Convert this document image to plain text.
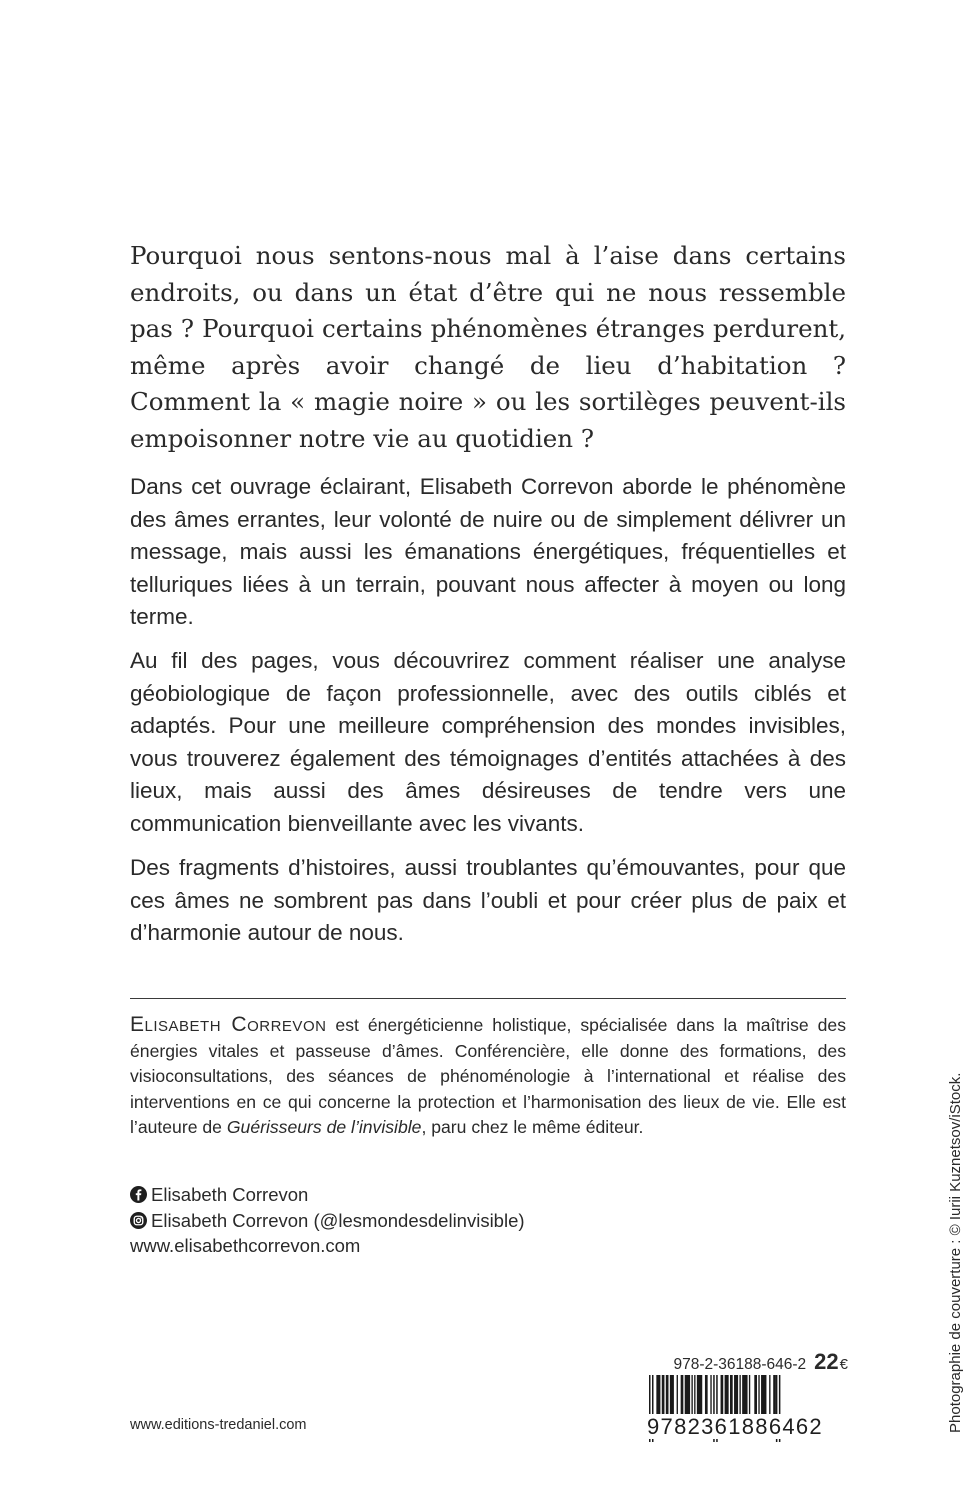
Pourquoi nous sentons-nous mal à l’aise dans certains endroits, ou dans un état d’être qui ne nous ressemble pas ? Pourquoi certains phénomènes étranges perdurent, même après avoir changé de lieu d’habitation ? Comment la « magie noire » ou les sortilèges peuvent-ils empoisonner notre vie au quotidien ?

Dans cet ouvrage éclairant, Elisabeth Correvon aborde le phénomène des âmes errantes, leur volonté de nuire ou de simplement délivrer un message, mais aussi les émanations énergétiques, fréquentielles et telluriques liées à un terrain, pouvant nous affecter à moyen ou long terme.

Au fil des pages, vous découvrirez comment réaliser une analyse géobiologique de façon professionnelle, avec des outils ciblés et adaptés. Pour une meilleure compréhension des mondes invisibles, vous trouverez également des témoignages d’entités attachées à des lieux, mais aussi des âmes désireuses de tendre vers une communication bienveillante avec les vivants.

Des fragments d’histoires, aussi troublantes qu’émouvantes, pour que ces âmes ne sombrent pas dans l’oubli et pour créer plus de paix et d’harmonie autour de nous.

Elisabeth Correvon est énergéticienne holistique, spécialisée dans la maîtrise des énergies vitales et passeuse d’âmes. Conférencière, elle donne des formations, des visioconsultations, des séances de phénoménologie à l’international et réalise des interventions en ce qui concerne la protection et l’harmonisation des lieux de vie. Elle est l’auteure de Guérisseurs de l’invisible, paru chez le même éditeur.

Elisabeth Correvon
Elisabeth Correvon (@lesmondesdelinvisible)
www.elisabethcorrevon.com
978-2-36188-646-2 22€
9782361886462
www.editions-tredaniel.com	Photographie de couverture : © Iurii Kuznetsov/iStock.
